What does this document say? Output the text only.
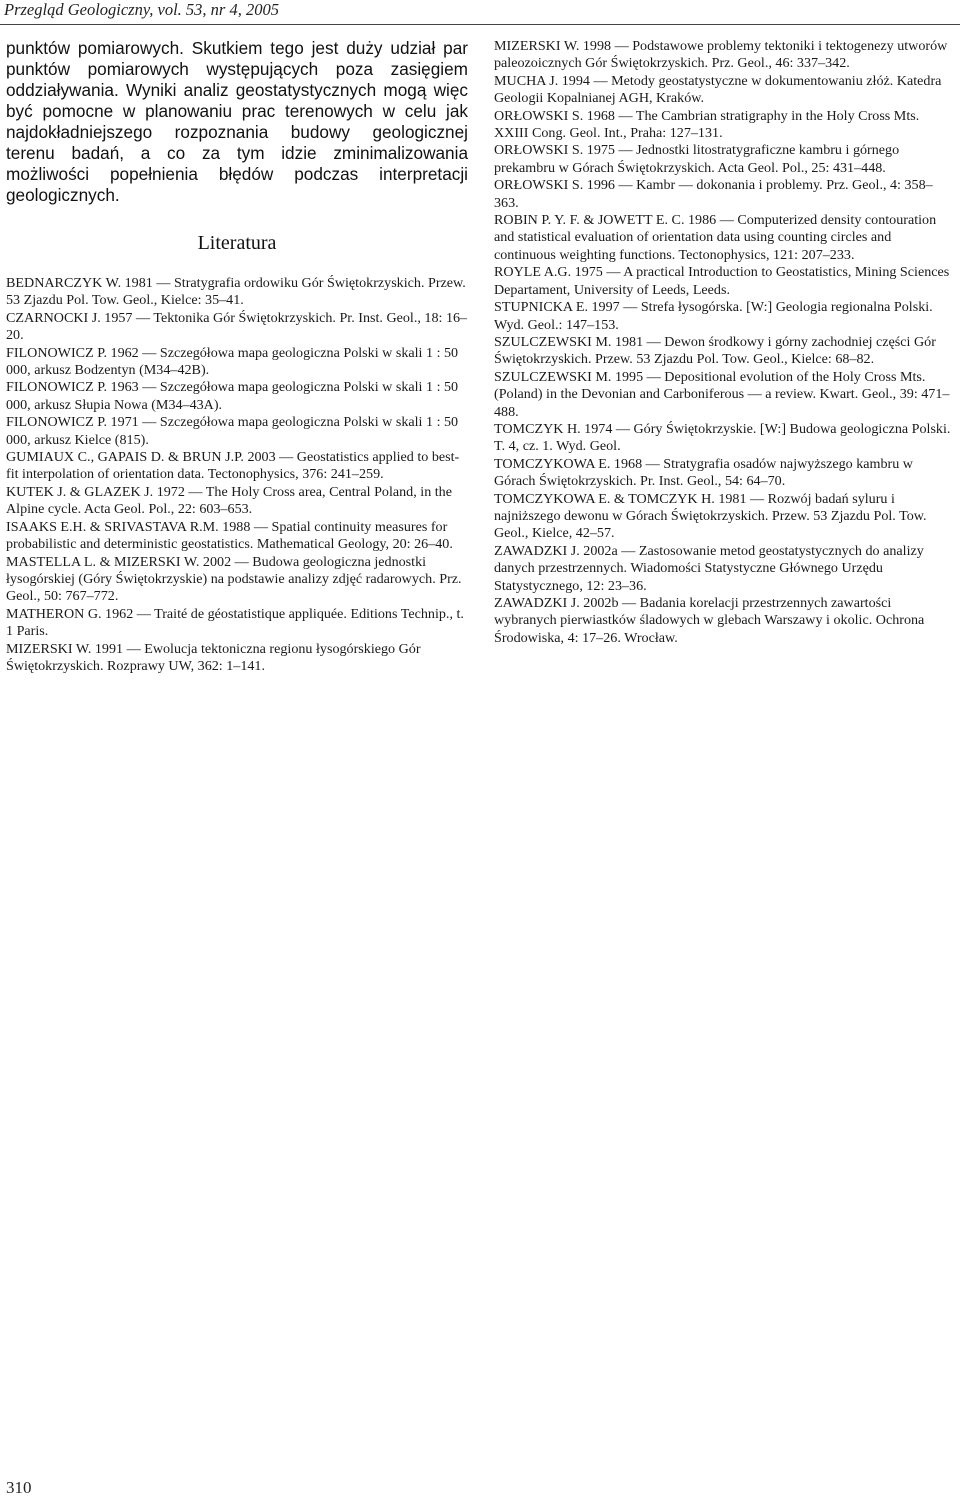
Przegląd Geologiczny, vol. 53, nr 4, 2005

punktów pomiarowych. Skutkiem tego jest duży udział par punktów pomiarowych występujących poza zasięgiem oddziaływania. Wyniki analiz geostatystycznych mogą więc być pomocne w planowaniu prac terenowych w celu jak najdokładniejszego rozpoznania budowy geologicznej terenu badań, a co za tym idzie zminimalizowania możliwości popełnienia błędów podczas interpretacji geologicznych.

Literatura
BEDNARCZYK W. 1981 — Stratygrafia ordowiku Gór Świętokrzyskich. Przew. 53 Zjazdu Pol. Tow. Geol., Kielce: 35–41.
CZARNOCKI J. 1957 — Tektonika Gór Świętokrzyskich. Pr. Inst. Geol., 18: 16–20.
FILONOWICZ P. 1962 — Szczegółowa mapa geologiczna Polski w skali 1 : 50 000, arkusz Bodzentyn (M34–42B).
FILONOWICZ P. 1963 — Szczegółowa mapa geologiczna Polski w skali 1 : 50 000, arkusz Słupia Nowa (M34–43A).
FILONOWICZ P. 1971 — Szczegółowa mapa geologiczna Polski w skali 1 : 50 000, arkusz Kielce (815).
GUMIAUX C., GAPAIS D. & BRUN J.P. 2003 — Geostatistics applied to best-fit interpolation of orientation data. Tectonophysics, 376: 241–259.
KUTEK J. & GLAZEK J. 1972 — The Holy Cross area, Central Poland, in the Alpine cycle. Acta Geol. Pol., 22: 603–653.
ISAAKS E.H. & SRIVASTAVA R.M. 1988 — Spatial continuity measures for probabilistic and deterministic geostatistics. Mathematical Geology, 20: 26–40.
MASTELLA L. & MIZERSKI W. 2002 — Budowa geologiczna jednostki łysogórskiej (Góry Świętokrzyskie) na podstawie analizy zdjęć radarowych. Prz. Geol., 50: 767–772.
MATHERON G. 1962 — Traité de géostatistique appliquée. Editions Technip., t. 1 Paris.
MIZERSKI W. 1991 — Ewolucja tektoniczna regionu łysogórskiego Gór Świętokrzyskich. Rozprawy UW, 362: 1–141.
MIZERSKI W. 1998 — Podstawowe problemy tektoniki i tektogenezy utworów paleozoicznych Gór Świętokrzyskich. Prz. Geol., 46: 337–342.
MUCHA J. 1994 — Metody geostatystyczne w dokumentowaniu złóż. Katedra Geologii Kopalnianej AGH, Kraków.
ORŁOWSKI S. 1968 — The Cambrian stratigraphy in the Holy Cross Mts. XXIII Cong. Geol. Int., Praha: 127–131.
ORŁOWSKI S. 1975 — Jednostki litostratygraficzne kambru i górnego prekambru w Górach Świętokrzyskich. Acta Geol. Pol., 25: 431–448.
ORŁOWSKI S. 1996 — Kambr — dokonania i problemy. Prz. Geol., 4: 358–363.
ROBIN P. Y. F. & JOWETT E. C. 1986 — Computerized density contouration and statistical evaluation of orientation data using counting circles and continuous weighting functions. Tectonophysics, 121: 207–233.
ROYLE A.G. 1975 — A practical Introduction to Geostatistics, Mining Sciences Departament, University of Leeds, Leeds.
STUPNICKA E. 1997 — Strefa łysogórska. [W:] Geologia regionalna Polski. Wyd. Geol.: 147–153.
SZULCZEWSKI M. 1981 — Dewon środkowy i górny zachodniej części Gór Świętokrzyskich. Przew. 53 Zjazdu Pol. Tow. Geol., Kielce: 68–82.
SZULCZEWSKI M. 1995 — Depositional evolution of the Holy Cross Mts. (Poland) in the Devonian and Carboniferous — a review. Kwart. Geol., 39: 471–488.
TOMCZYK H. 1974 — Góry Świętokrzyskie. [W:] Budowa geologiczna Polski. T. 4, cz. 1. Wyd. Geol.
TOMCZYKOWA E. 1968 — Stratygrafia osadów najwyższego kambru w Górach Świętokrzyskich. Pr. Inst. Geol., 54: 64–70.
TOMCZYKOWA E. & TOMCZYK H. 1981 — Rozwój badań syluru i najniższego dewonu w Górach Świętokrzyskich. Przew. 53 Zjazdu Pol. Tow. Geol., Kielce, 42–57.
ZAWADZKI J. 2002a — Zastosowanie metod geostatystycznych do analizy danych przestrzennych. Wiadomości Statystyczne Głównego Urzędu Statystycznego, 12: 23–36.
ZAWADZKI J. 2002b — Badania korelacji przestrzennych zawartości wybranych pierwiastków śladowych w glebach Warszawy i okolic. Ochrona Środowiska, 4: 17–26. Wrocław.
310
